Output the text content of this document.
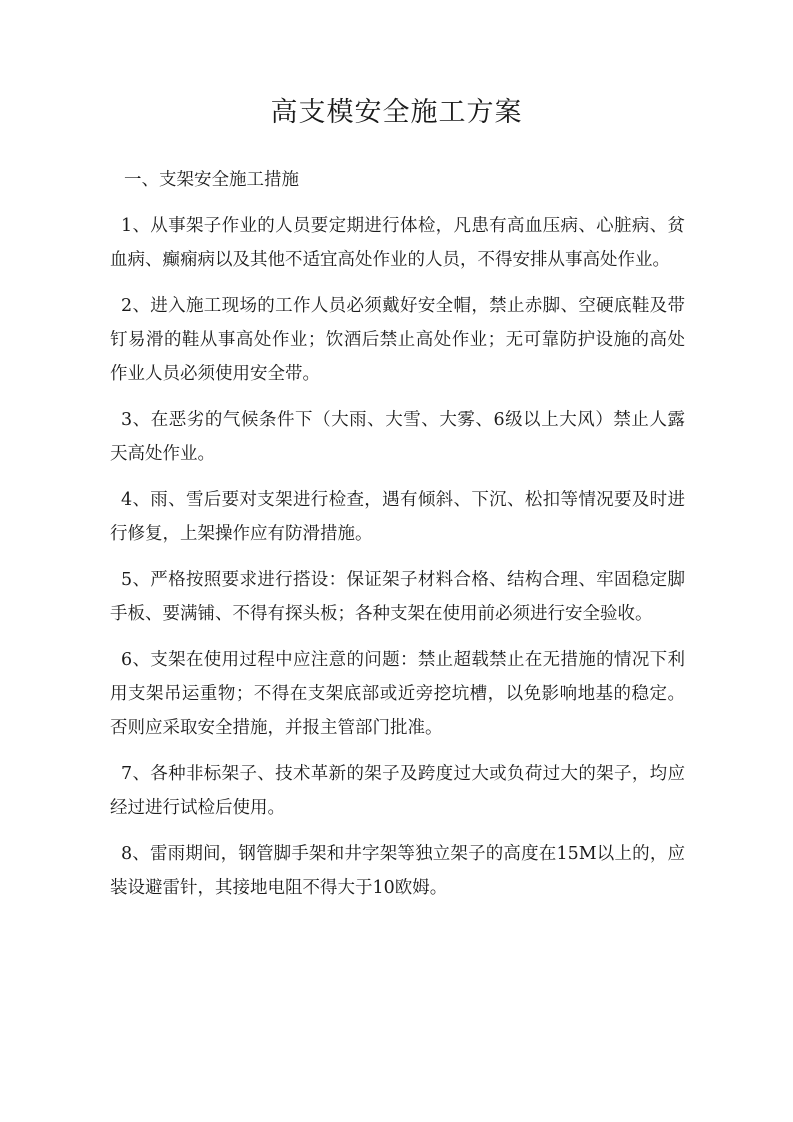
高支模安全施工方案

一、支架安全施工措施

1、从事架子作业的人员要定期进行体检，凡患有高血压病、心脏病、贫血病、癫痫病以及其他不适宜高处作业的人员，不得安排从事高处作业。

2、进入施工现场的工作人员必须戴好安全帽，禁止赤脚、空硬底鞋及带钉易滑的鞋从事高处作业；饮酒后禁止高处作业；无可靠防护设施的高处作业人员必须使用安全带。

3、在恶劣的气候条件下（大雨、大雪、大雾、6级以上大风）禁止人露天高处作业。

4、雨、雪后要对支架进行检查，遇有倾斜、下沉、松扣等情况要及时进行修复，上架操作应有防滑措施。

5、严格按照要求进行搭设：保证架子材料合格、结构合理、牢固稳定脚手板、要满铺、不得有探头板；各种支架在使用前必须进行安全验收。

6、支架在使用过程中应注意的问题：禁止超载禁止在无措施的情况下利用支架吊运重物；不得在支架底部或近旁挖坑槽，以免影响地基的稳定。否则应采取安全措施，并报主管部门批准。

7、各种非标架子、技术革新的架子及跨度过大或负荷过大的架子，均应经过进行试检后使用。

8、雷雨期间，钢管脚手架和井字架等独立架子的高度在15M以上的，应装设避雷针，其接地电阻不得大于10欧姆。
